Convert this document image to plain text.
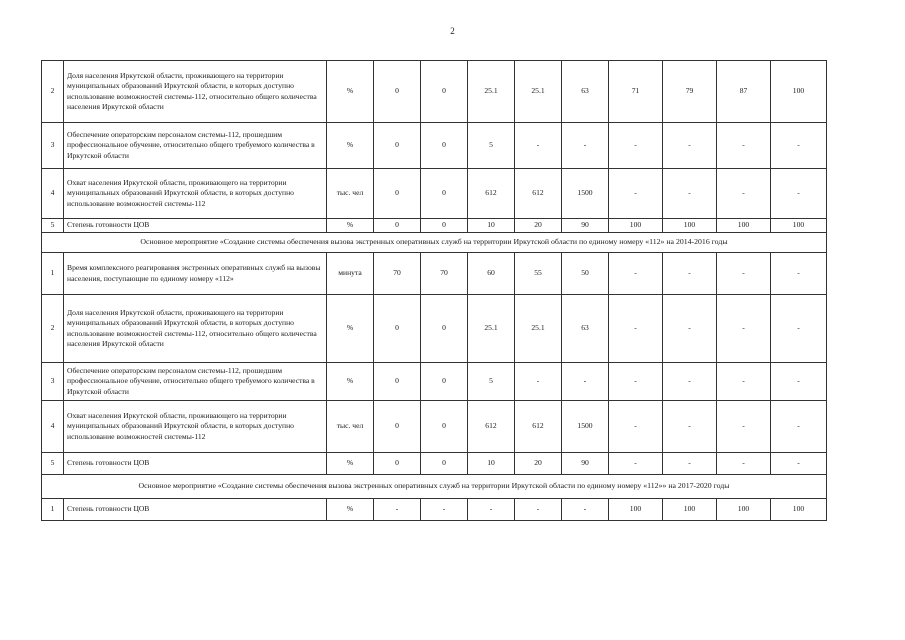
2
2	Доля населения Иркутской области, проживающего на территории муниципальных образований Иркутской области, в которых доступно использование возможностей системы-112, относительно общего количества населения Иркутской области	%	0	0	25.1	25.1	63	71	79	87	100
3	Обеспечение операторским персоналом системы-112, прошедшим профессиональное обучение, относительно общего требуемого количества в Иркутской области	%	0	0	5	-	-	-	-	-	-
4	Охват населения Иркутской области, проживающего на территории муниципальных образований Иркутской области, в которых доступно использование возможностей системы-112	тыс. чел	0	0	612	612	1500	-	-	-	-
5	Степень готовности ЦОВ	%	0	0	10	20	90	100	100	100	100
Основное мероприятие «Создание системы обеспечения вызова экстренных оперативных служб на территории Иркутской области по единому номеру «112» на 2014-2016 годы											
1	Время комплексного реагирования экстренных оперативных служб на вызовы населения, поступающие по единому номеру «112»	минута	70	70	60	55	50	-	-	-	-
2	Доля населения Иркутской области, проживающего на территории муниципальных образований Иркутской области, в которых доступно использование возможностей системы-112, относительно общего количества населения Иркутской области	%	0	0	25.1	25.1	63	-	-	-	-
3	Обеспечение операторским персоналом системы-112, прошедшим профессиональное обучение, относительно общего требуемого количества в Иркутской области	%	0	0	5	-	-	-	-	-	-
4	Охват населения Иркутской области, проживающего на территории муниципальных образований Иркутской области, в которых доступно использование возможностей системы-112	тыс. чел	0	0	612	612	1500	-	-	-	-
5	Степень готовности ЦОВ	%	0	0	10	20	90	-	-	-	-
Основное мероприятие «Создание системы обеспечения вызова экстренных оперативных служб на территории Иркутской области по единому номеру «112»» на 2017-2020 годы											
1	Степень готовности ЦОВ	%	-	-	-	-	-	100	100	100	100
